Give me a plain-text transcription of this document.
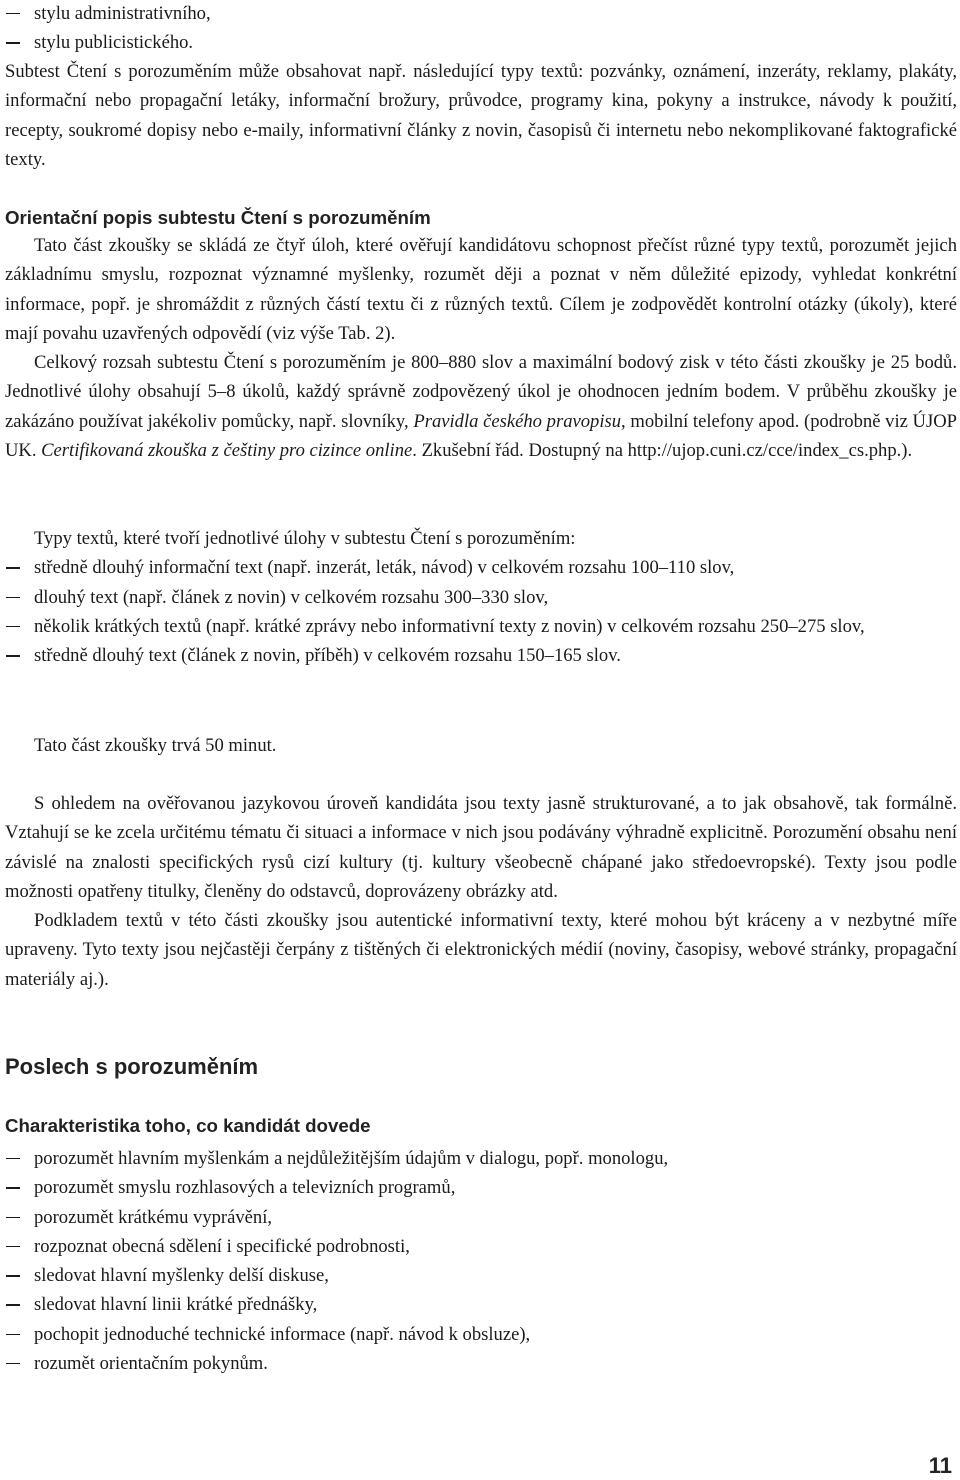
stylu administrativního,
stylu publicistického.

Subtest Čtení s porozuměním může obsahovat např. následující typy textů: pozvánky, oznámení, inzeráty, reklamy, plakáty, informační nebo propagační letáky, informační brožury, průvodce, programy kina, pokyny a instrukce, návody k použití, recepty, soukromé dopisy nebo e-maily, informativní články z novin, časopisů či internetu nebo nekomplikované faktografické texty.

Orientační popis subtestu Čtení s porozuměním

Tato část zkoušky se skládá ze čtyř úloh, které ověřují kandidátovu schopnost přečíst různé typy textů, porozumět jejich základnímu smyslu, rozpoznat významné myšlenky, rozumět ději a poznat v něm důležité epizody, vyhledat konkrétní informace, popř. je shromáždit z různých částí textu či z různých textů. Cílem je zodpovědět kontrolní otázky (úkoly), které mají povahu uzavřených odpovědí (viz výše Tab. 2).

Celkový rozsah subtestu Čtení s porozuměním je 800–880 slov a maximální bodový zisk v této části zkoušky je 25 bodů. Jednotlivé úlohy obsahují 5–8 úkolů, každý správně zodpovězený úkol je ohodnocen jedním bodem. V průběhu zkoušky je zakázáno používat jakékoliv pomůcky, např. slovníky, Pravidla českého pravopisu, mobilní telefony apod. (podrobně viz ÚJOP UK. Certifikovaná zkouška z češtiny pro cizince online. Zkušební řád. Dostupný na http://ujop.cuni.cz/cce/index_cs.php.).

Typy textů, které tvoří jednotlivé úlohy v subtestu Čtení s porozuměním:

středně dlouhý informační text (např. inzerát, leták, návod) v celkovém rozsahu 100–110 slov,
dlouhý text (např. článek z novin) v celkovém rozsahu 300–330 slov,
několik krátkých textů (např. krátké zprávy nebo informativní texty z novin) v celkovém rozsahu 250–275 slov,
středně dlouhý text (článek z novin, příběh) v celkovém rozsahu 150–165 slov.

Tato část zkoušky trvá 50 minut.

S ohledem na ověřovanou jazykovou úroveň kandidáta jsou texty jasně strukturované, a to jak obsahově, tak formálně. Vztahují se ke zcela určitému tématu či situaci a informace v nich jsou podávány výhradně explicitně. Porozumění obsahu není závislé na znalosti specifických rysů cizí kultury (tj. kultury všeobecně chápané jako středoevropské). Texty jsou podle možnosti opatřeny titulky, členěny do odstavců, doprovázeny obrázky atd.

Podkladem textů v této části zkoušky jsou autentické informativní texty, které mohou být kráceny a v nezbytné míře upraveny. Tyto texty jsou nejčastěji čerpány z tištěných či elektronických médií (noviny, časopisy, webové stránky, propagační materiály aj.).

Poslech s porozuměním
Charakteristika toho, co kandidát dovede
porozumět hlavním myšlenkám a nejdůležitějším údajům v dialogu, popř. monologu,
porozumět smyslu rozhlasových a televizních programů,
porozumět krátkému vyprávění,
rozpoznat obecná sdělení i specifické podrobnosti,
sledovat hlavní myšlenky delší diskuse,
sledovat hlavní linii krátké přednášky,
pochopit jednoduché technické informace (např. návod k obsluze),
rozumět orientačním pokynům.
11
